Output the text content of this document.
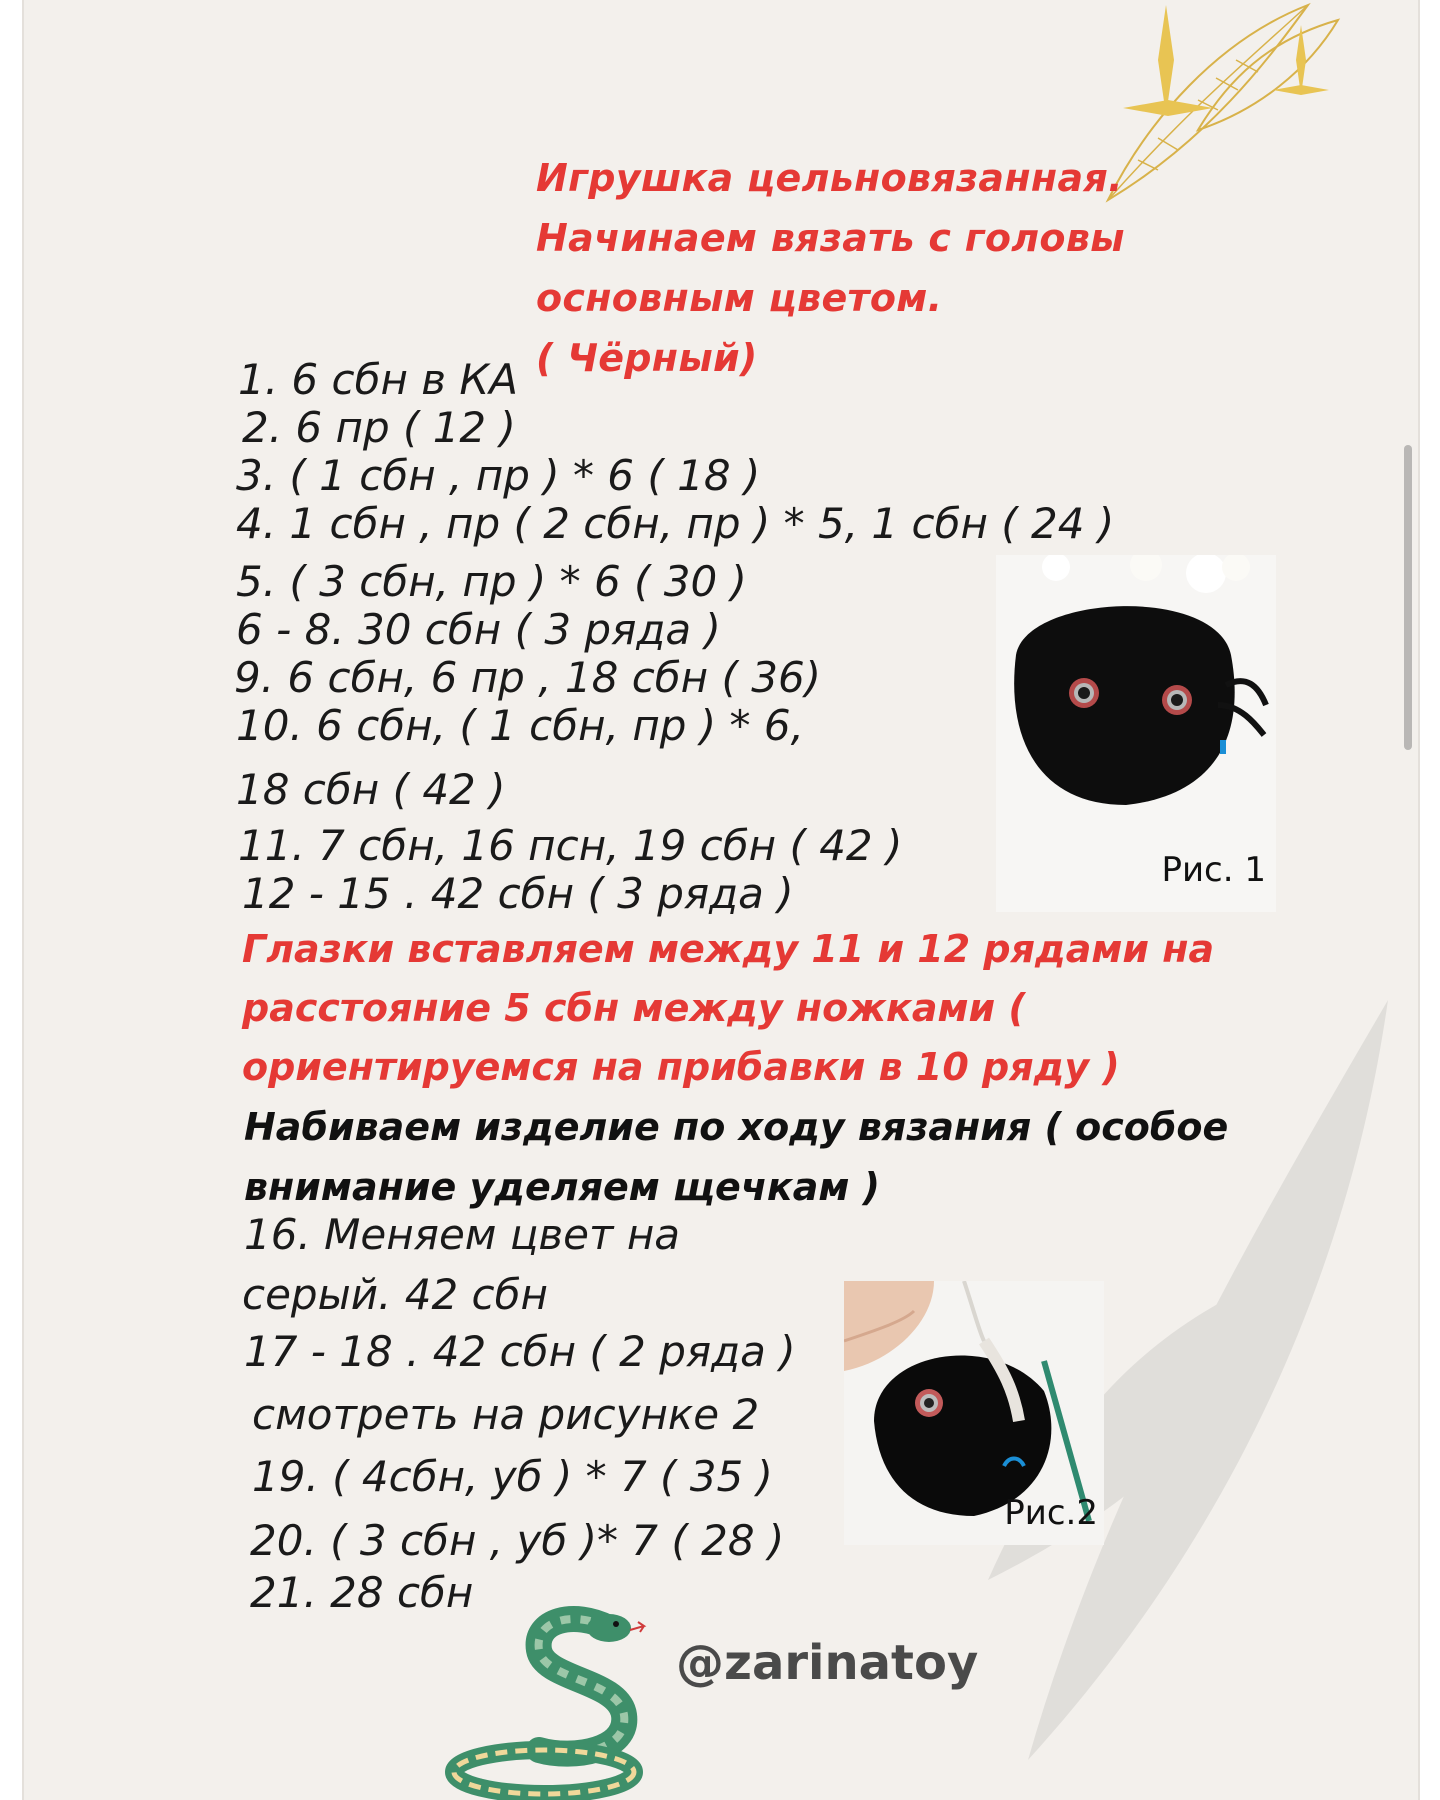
Игрушка цельновязанная.
Начинаем вязать с головы
основным цветом.
( Чёрный)
1. 6 сбн в КА
2. 6 пр ( 12 )
3. ( 1 сбн , пр ) * 6 ( 18 )
4. 1 сбн , пр ( 2 сбн, пр ) * 5, 1 сбн ( 24 )
5. ( 3 сбн, пр ) * 6 ( 30 )
6 - 8. 30 сбн ( 3 ряда )
9. 6 сбн, 6 пр , 18 сбн ( 36)
10. 6 сбн, ( 1 сбн, пр ) * 6,
18 сбн ( 42 )
11. 7 сбн, 16 псн, 19 сбн ( 42 )
12 - 15 . 42 сбн ( 3 ряда )	Рис. 1
Глазки вставляем между 11 и 12 рядами на
расстояние 5 сбн между ножками (
ориентируемся на прибавки в 10 ряду )
Набиваем изделие по ходу вязания ( особое
внимание уделяем щечкам )
16. Меняем цвет на
серый. 42 сбн
17 - 18 . 42 сбн ( 2 ряда )
смотреть на рисунке 2
19. ( 4сбн, уб ) * 7 ( 35 )
20. ( 3 сбн , уб )* 7 ( 28 )
21. 28 сбн
Рис.2
@zarinatoy
